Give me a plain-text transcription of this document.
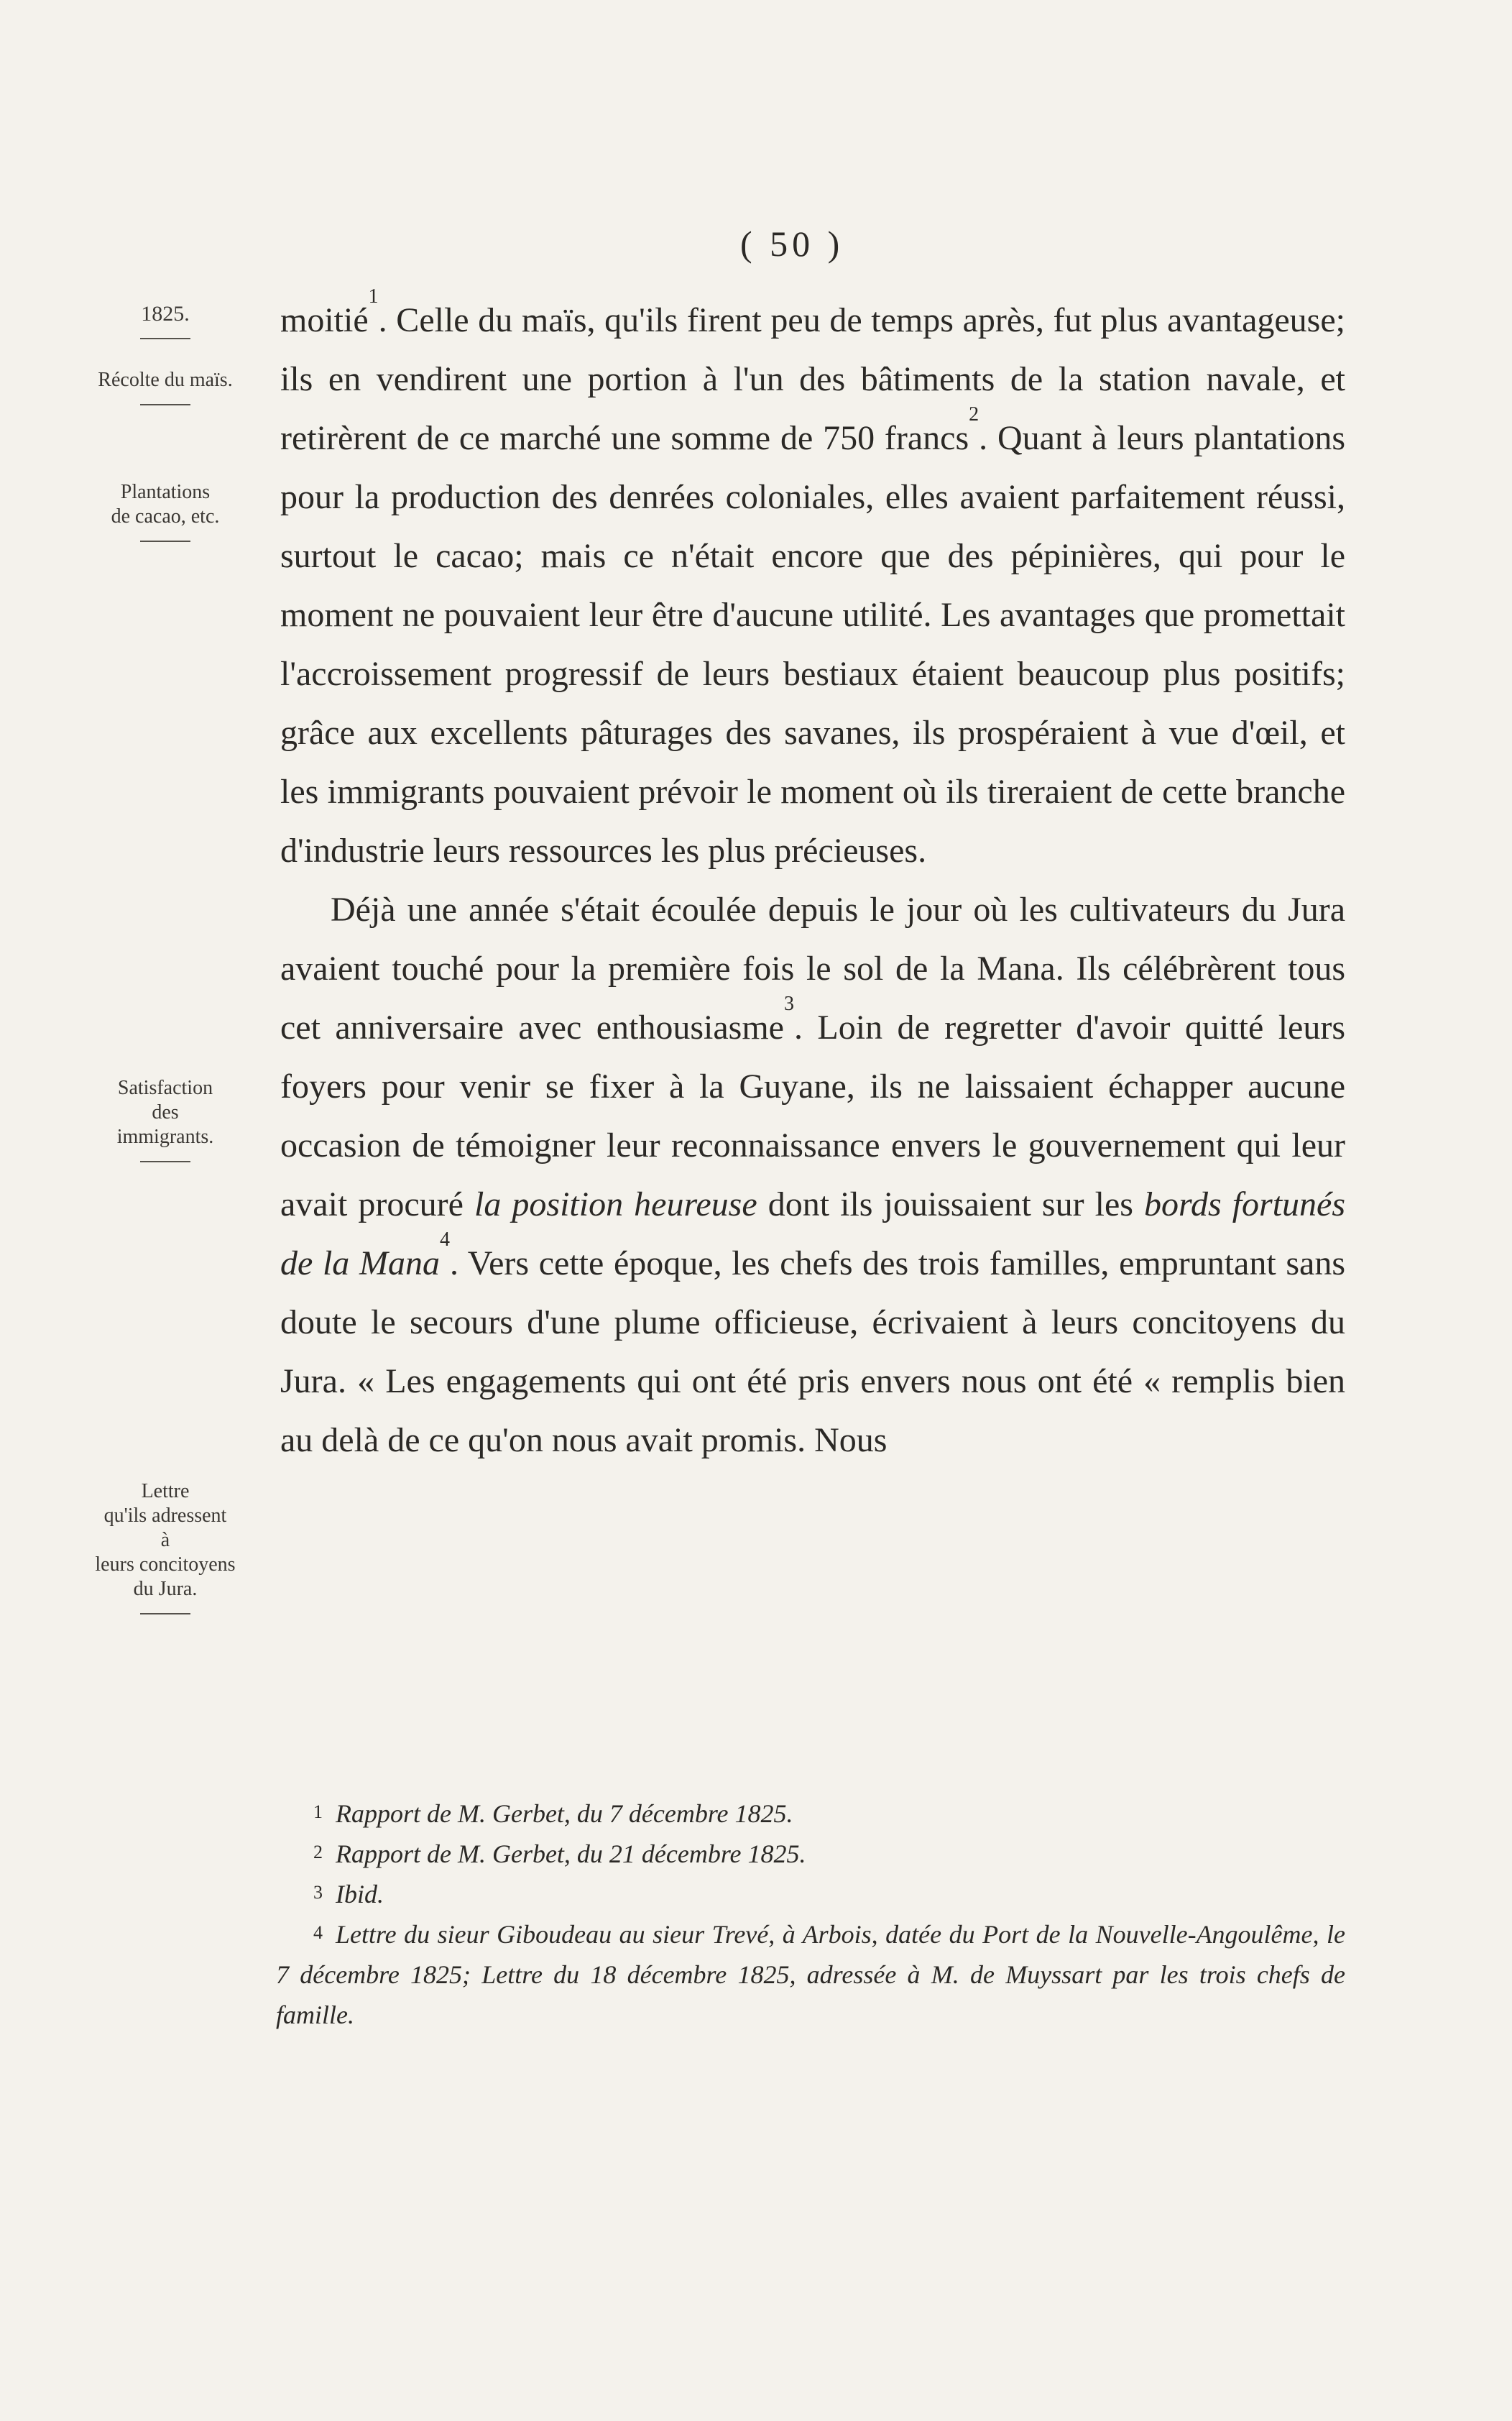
( 50 )
1825.
Récolte du maïs.
Plantations
de cacao, etc.
Satisfaction
des
immigrants.
Lettre
qu'ils adressent
à
leurs concitoyens
du Jura.

moitié$^1$. Celle du maïs, qu'ils firent peu de temps après, fut plus avantageuse; ils en vendirent une portion à l'un des bâtiments de la station navale, et retirèrent de ce marché une somme de 750 francs$^2$. Quant à leurs plantations pour la production des denrées coloniales, elles avaient parfaitement réussi, surtout le cacao; mais ce n'était encore que des pépinières, qui pour le moment ne pouvaient leur être d'aucune utilité. Les avantages que promettait l'accroissement progressif de leurs bestiaux étaient beaucoup plus positifs; grâce aux excellents pâturages des savanes, ils prospéraient à vue d'œil, et les immigrants pouvaient prévoir le moment où ils tireraient de cette branche d'industrie leurs ressources les plus précieuses.

Déjà une année s'était écoulée depuis le jour où les cultivateurs du Jura avaient touché pour la première fois le sol de la Mana. Ils célébrèrent tous cet anniversaire avec enthousiasme$^3$. Loin de regretter d'avoir quitté leurs foyers pour venir se fixer à la Guyane, ils ne laissaient échapper aucune occasion de témoigner leur reconnaissance envers le gouvernement qui leur avait procuré la position heureuse dont ils jouissaient sur les bords fortunés de la Mana$^4$. Vers cette époque, les chefs des trois familles, empruntant sans doute le secours d'une plume officieuse, écrivaient à leurs concitoyens du Jura. « Les engagements qui ont été pris envers nous ont été « remplis bien au delà de ce qu'on nous avait promis. Nous

$^1$ Rapport de M. Gerbet, du 7 décembre 1825.

$^2$ Rapport de M. Gerbet, du 21 décembre 1825.

$^3$ Ibid.

$^4$ Lettre du sieur Giboudeau au sieur Trevé, à Arbois, datée du Port de la Nouvelle-Angoulême, le 7 décembre 1825; Lettre du 18 décembre 1825, adressée à M. de Muyssart par les trois chefs de famille.
